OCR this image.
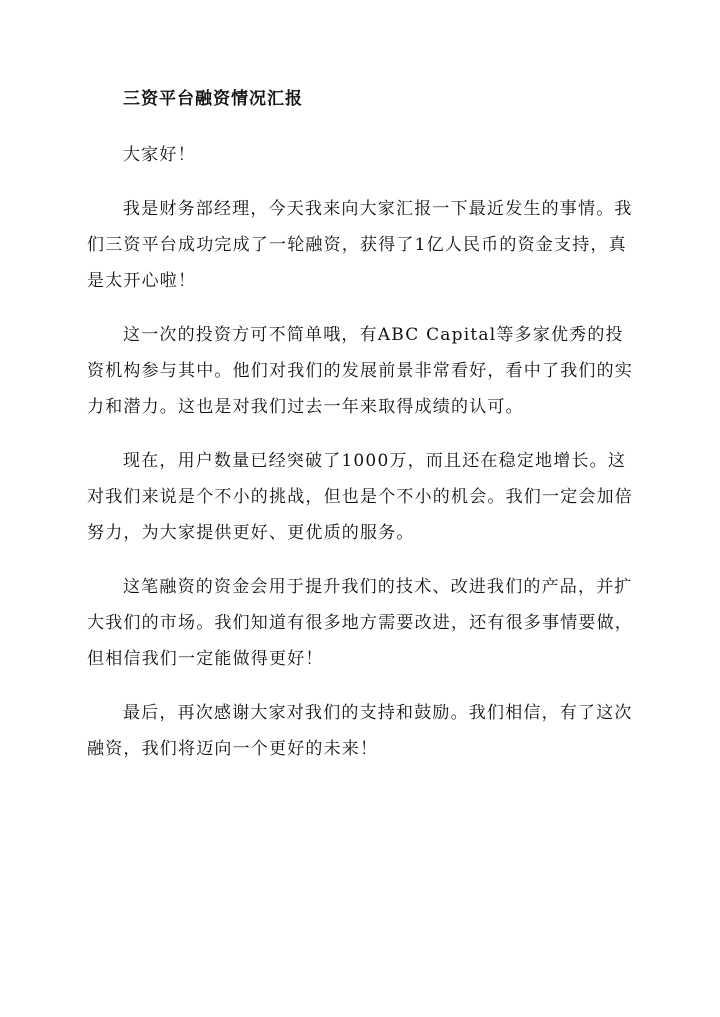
三资平台融资情况汇报

大家好！

我是财务部经理，今天我来向大家汇报一下最近发生的事情。我们三资平台成功完成了一轮融资，获得了1亿人民币的资金支持，真是太开心啦！

这一次的投资方可不简单哦，有ABC Capital等多家优秀的投资机构参与其中。他们对我们的发展前景非常看好，看中了我们的实力和潜力。这也是对我们过去一年来取得成绩的认可。

现在，用户数量已经突破了1000万，而且还在稳定地增长。这对我们来说是个不小的挑战，但也是个不小的机会。我们一定会加倍努力，为大家提供更好、更优质的服务。

这笔融资的资金会用于提升我们的技术、改进我们的产品，并扩大我们的市场。我们知道有很多地方需要改进，还有很多事情要做，但相信我们一定能做得更好！

最后，再次感谢大家对我们的支持和鼓励。我们相信，有了这次融资，我们将迈向一个更好的未来！
